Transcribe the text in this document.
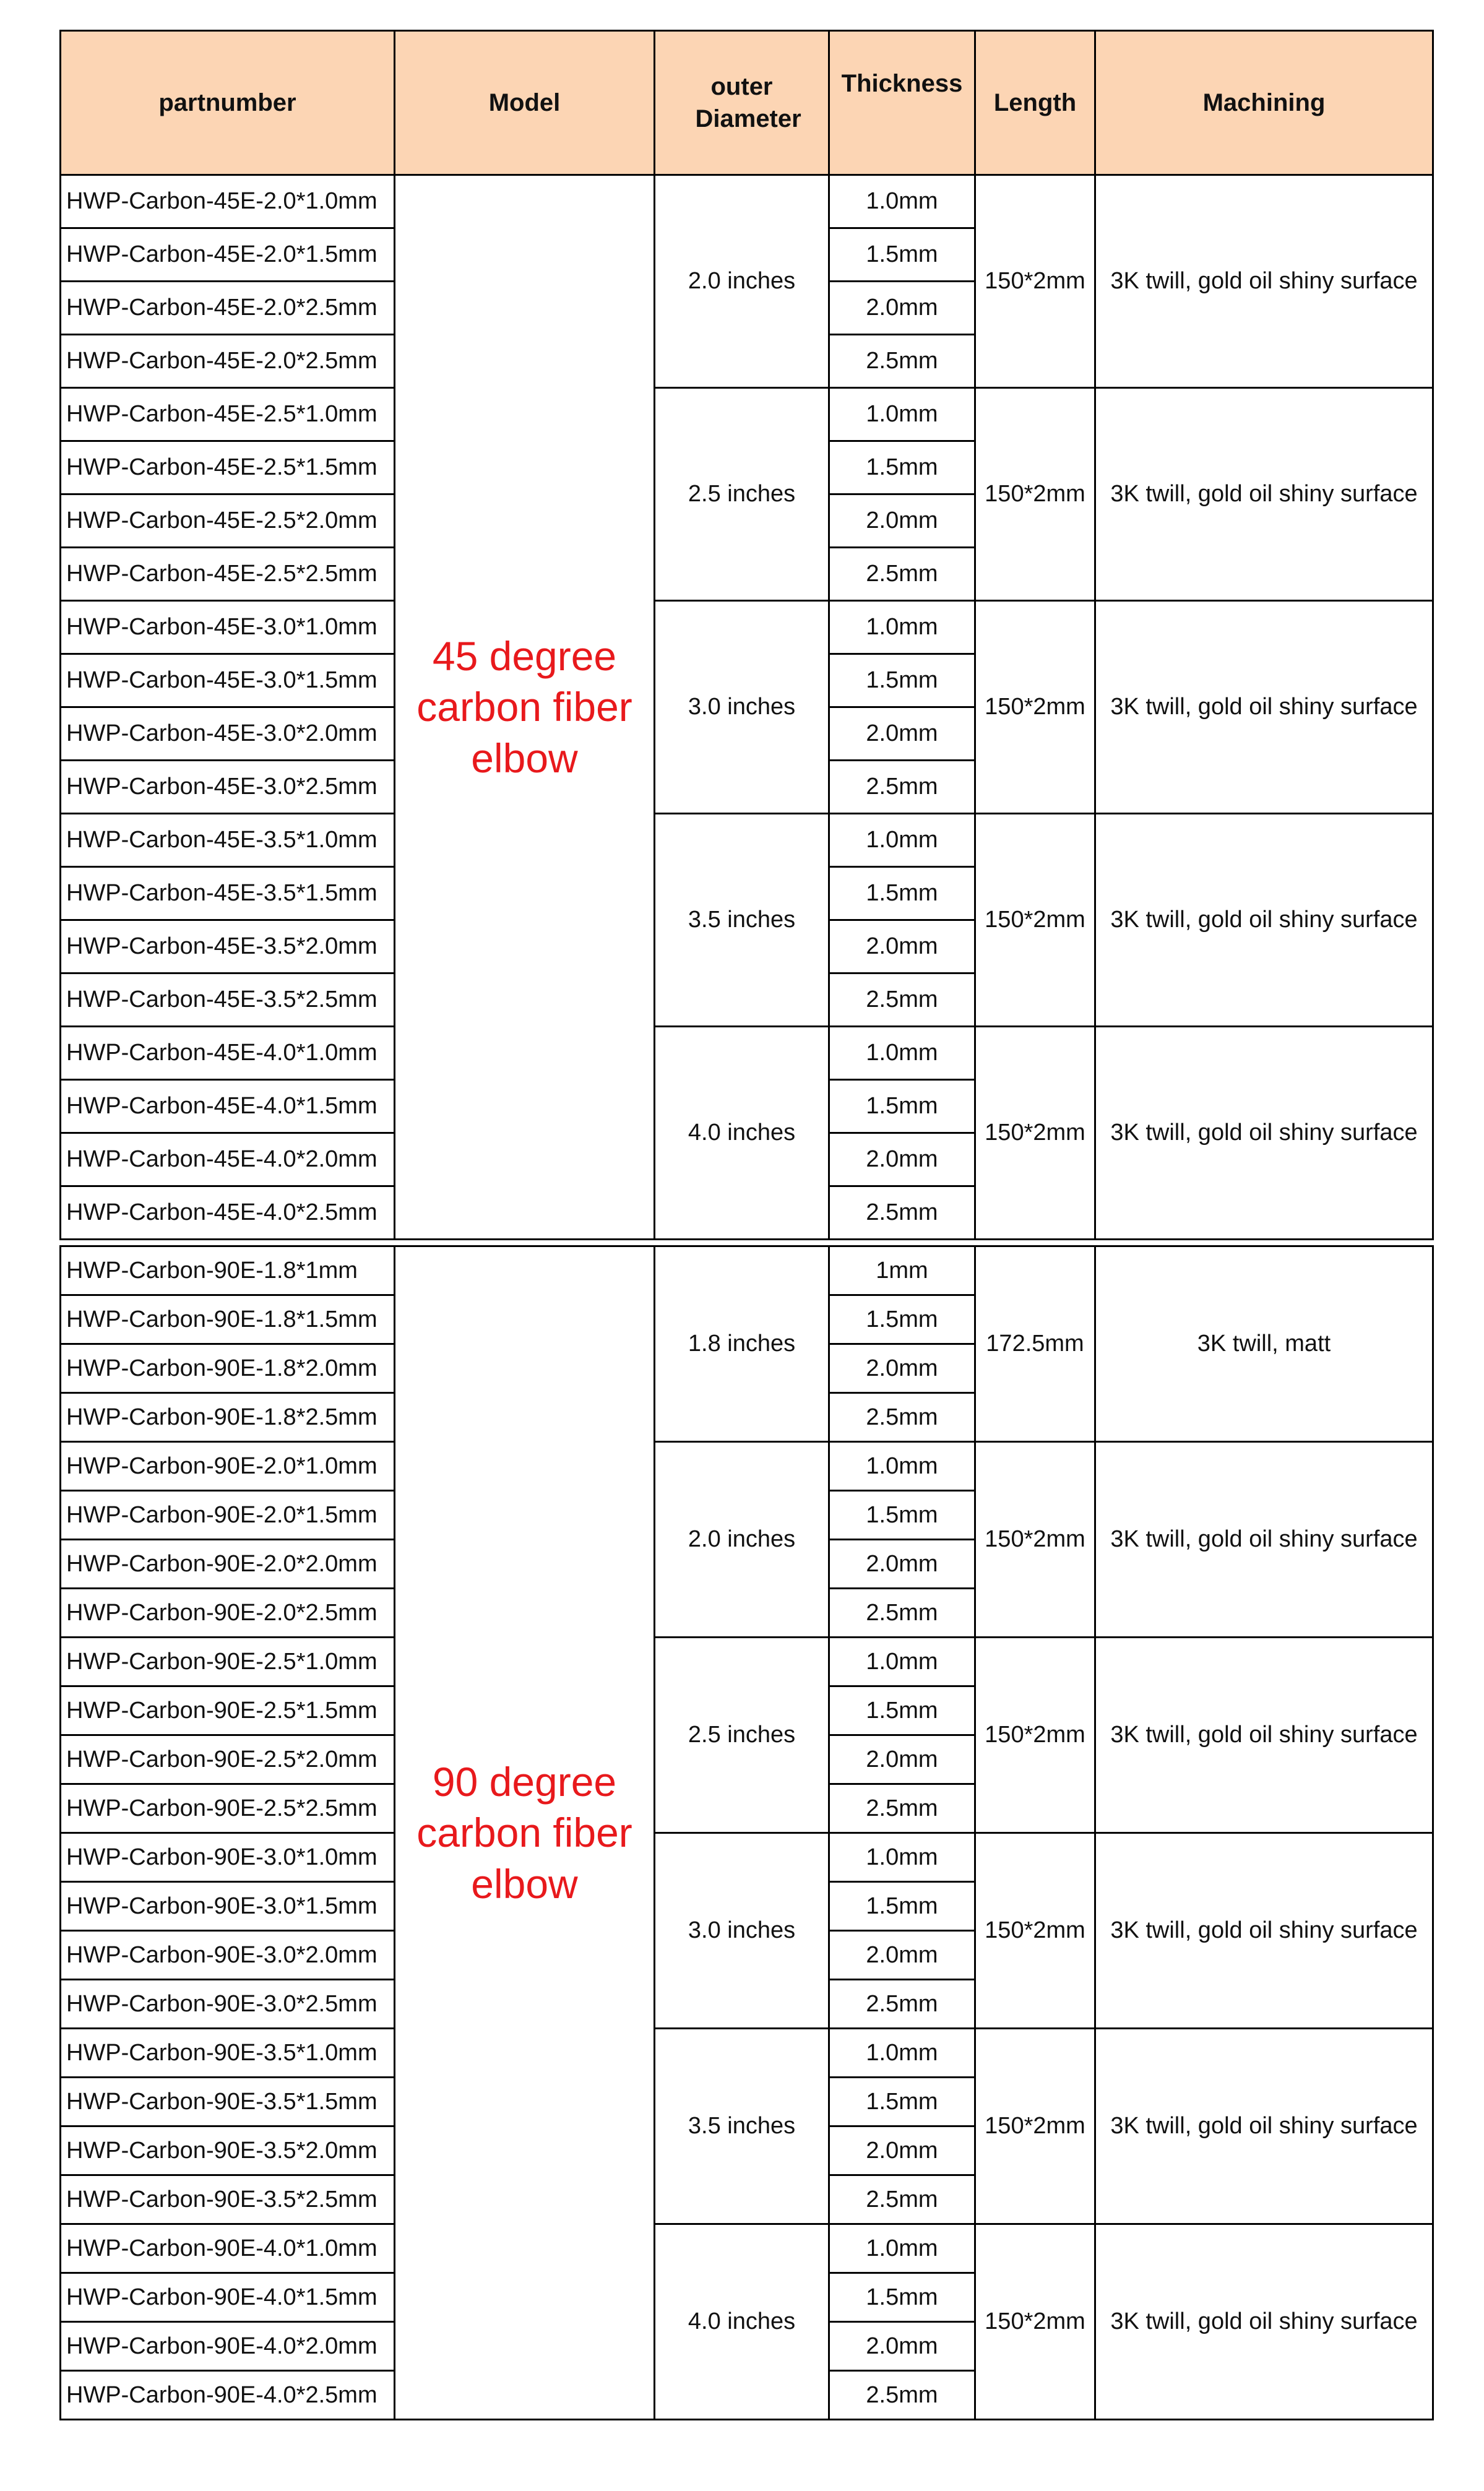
partnumber	Model	outer Diameter	Thickness	Length	Machining
HWP-Carbon-45E-2.0*1.0mm	45 degree carbon fiber elbow	2.0 inches	1.0mm	150*2mm	3K twill, gold oil shiny surface
HWP-Carbon-45E-2.0*1.5mm			1.5mm		
HWP-Carbon-45E-2.0*2.5mm			2.0mm		
HWP-Carbon-45E-2.0*2.5mm			2.5mm		
HWP-Carbon-45E-2.5*1.0mm		2.5 inches	1.0mm	150*2mm	3K twill, gold oil shiny surface
HWP-Carbon-45E-2.5*1.5mm			1.5mm		
HWP-Carbon-45E-2.5*2.0mm			2.0mm		
HWP-Carbon-45E-2.5*2.5mm			2.5mm		
HWP-Carbon-45E-3.0*1.0mm		3.0 inches	1.0mm	150*2mm	3K twill, gold oil shiny surface
HWP-Carbon-45E-3.0*1.5mm			1.5mm		
HWP-Carbon-45E-3.0*2.0mm			2.0mm		
HWP-Carbon-45E-3.0*2.5mm			2.5mm		
HWP-Carbon-45E-3.5*1.0mm		3.5 inches	1.0mm	150*2mm	3K twill, gold oil shiny surface
HWP-Carbon-45E-3.5*1.5mm			1.5mm		
HWP-Carbon-45E-3.5*2.0mm			2.0mm		
HWP-Carbon-45E-3.5*2.5mm			2.5mm		
HWP-Carbon-45E-4.0*1.0mm		4.0 inches	1.0mm	150*2mm	3K twill, gold oil shiny surface
HWP-Carbon-45E-4.0*1.5mm			1.5mm		
HWP-Carbon-45E-4.0*2.0mm			2.0mm		
HWP-Carbon-45E-4.0*2.5mm			2.5mm		

HWP-Carbon-90E-1.8*1mm	90 degree carbon fiber elbow	1.8 inches	1mm	172.5mm	3K twill, matt
HWP-Carbon-90E-1.8*1.5mm			1.5mm		
HWP-Carbon-90E-1.8*2.0mm			2.0mm		
HWP-Carbon-90E-1.8*2.5mm			2.5mm		
HWP-Carbon-90E-2.0*1.0mm		2.0 inches	1.0mm	150*2mm	3K twill, gold oil shiny surface
HWP-Carbon-90E-2.0*1.5mm			1.5mm		
HWP-Carbon-90E-2.0*2.0mm			2.0mm		
HWP-Carbon-90E-2.0*2.5mm			2.5mm		
HWP-Carbon-90E-2.5*1.0mm		2.5 inches	1.0mm	150*2mm	3K twill, gold oil shiny surface
HWP-Carbon-90E-2.5*1.5mm			1.5mm		
HWP-Carbon-90E-2.5*2.0mm			2.0mm		
HWP-Carbon-90E-2.5*2.5mm			2.5mm		
HWP-Carbon-90E-3.0*1.0mm		3.0 inches	1.0mm	150*2mm	3K twill, gold oil shiny surface
HWP-Carbon-90E-3.0*1.5mm			1.5mm		
HWP-Carbon-90E-3.0*2.0mm			2.0mm		
HWP-Carbon-90E-3.0*2.5mm			2.5mm		
HWP-Carbon-90E-3.5*1.0mm		3.5 inches	1.0mm	150*2mm	3K twill, gold oil shiny surface
HWP-Carbon-90E-3.5*1.5mm			1.5mm		
HWP-Carbon-90E-3.5*2.0mm			2.0mm		
HWP-Carbon-90E-3.5*2.5mm			2.5mm		
HWP-Carbon-90E-4.0*1.0mm		4.0 inches	1.0mm	150*2mm	3K twill, gold oil shiny surface
HWP-Carbon-90E-4.0*1.5mm			1.5mm		
HWP-Carbon-90E-4.0*2.0mm			2.0mm		
HWP-Carbon-90E-4.0*2.5mm			2.5mm		
